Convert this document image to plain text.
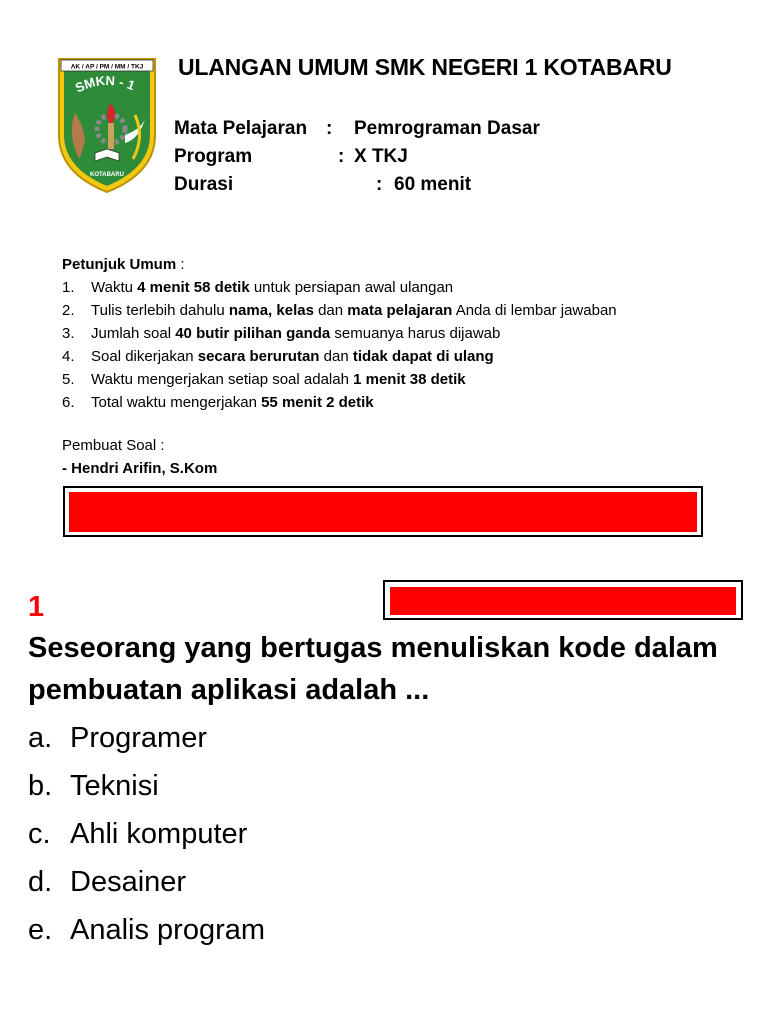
AK / AP / PM / MM / TKJ
SMKN - 1
KOTABARU
ULANGAN UMUM SMK NEGERI 1 KOTABARU
Mata Pelajaran : Pemrograman Dasar
Program	: X TKJ
Durasi	: 60 menit
Petunjuk Umum :
1. Waktu 4 menit 58 detik untuk persiapan awal ulangan
2. Tulis terlebih dahulu nama, kelas dan mata pelajaran Anda di lembar jawaban
3. Jumlah soal 40 butir pilihan ganda semuanya harus dijawab
4. Soal dikerjakan secara berurutan dan tidak dapat di ulang
5. Waktu mengerjakan setiap soal adalah 1 menit 38 detik
6. Total waktu mengerjakan 55 menit 2 detik
Pembuat Soal :
- Hendri Arifin, S.Kom
1
Seseorang yang bertugas menuliskan kode dalam pembuatan aplikasi adalah ...
a. Programer
b. Teknisi
c. Ahli komputer
d. Desainer
e. Analis program
